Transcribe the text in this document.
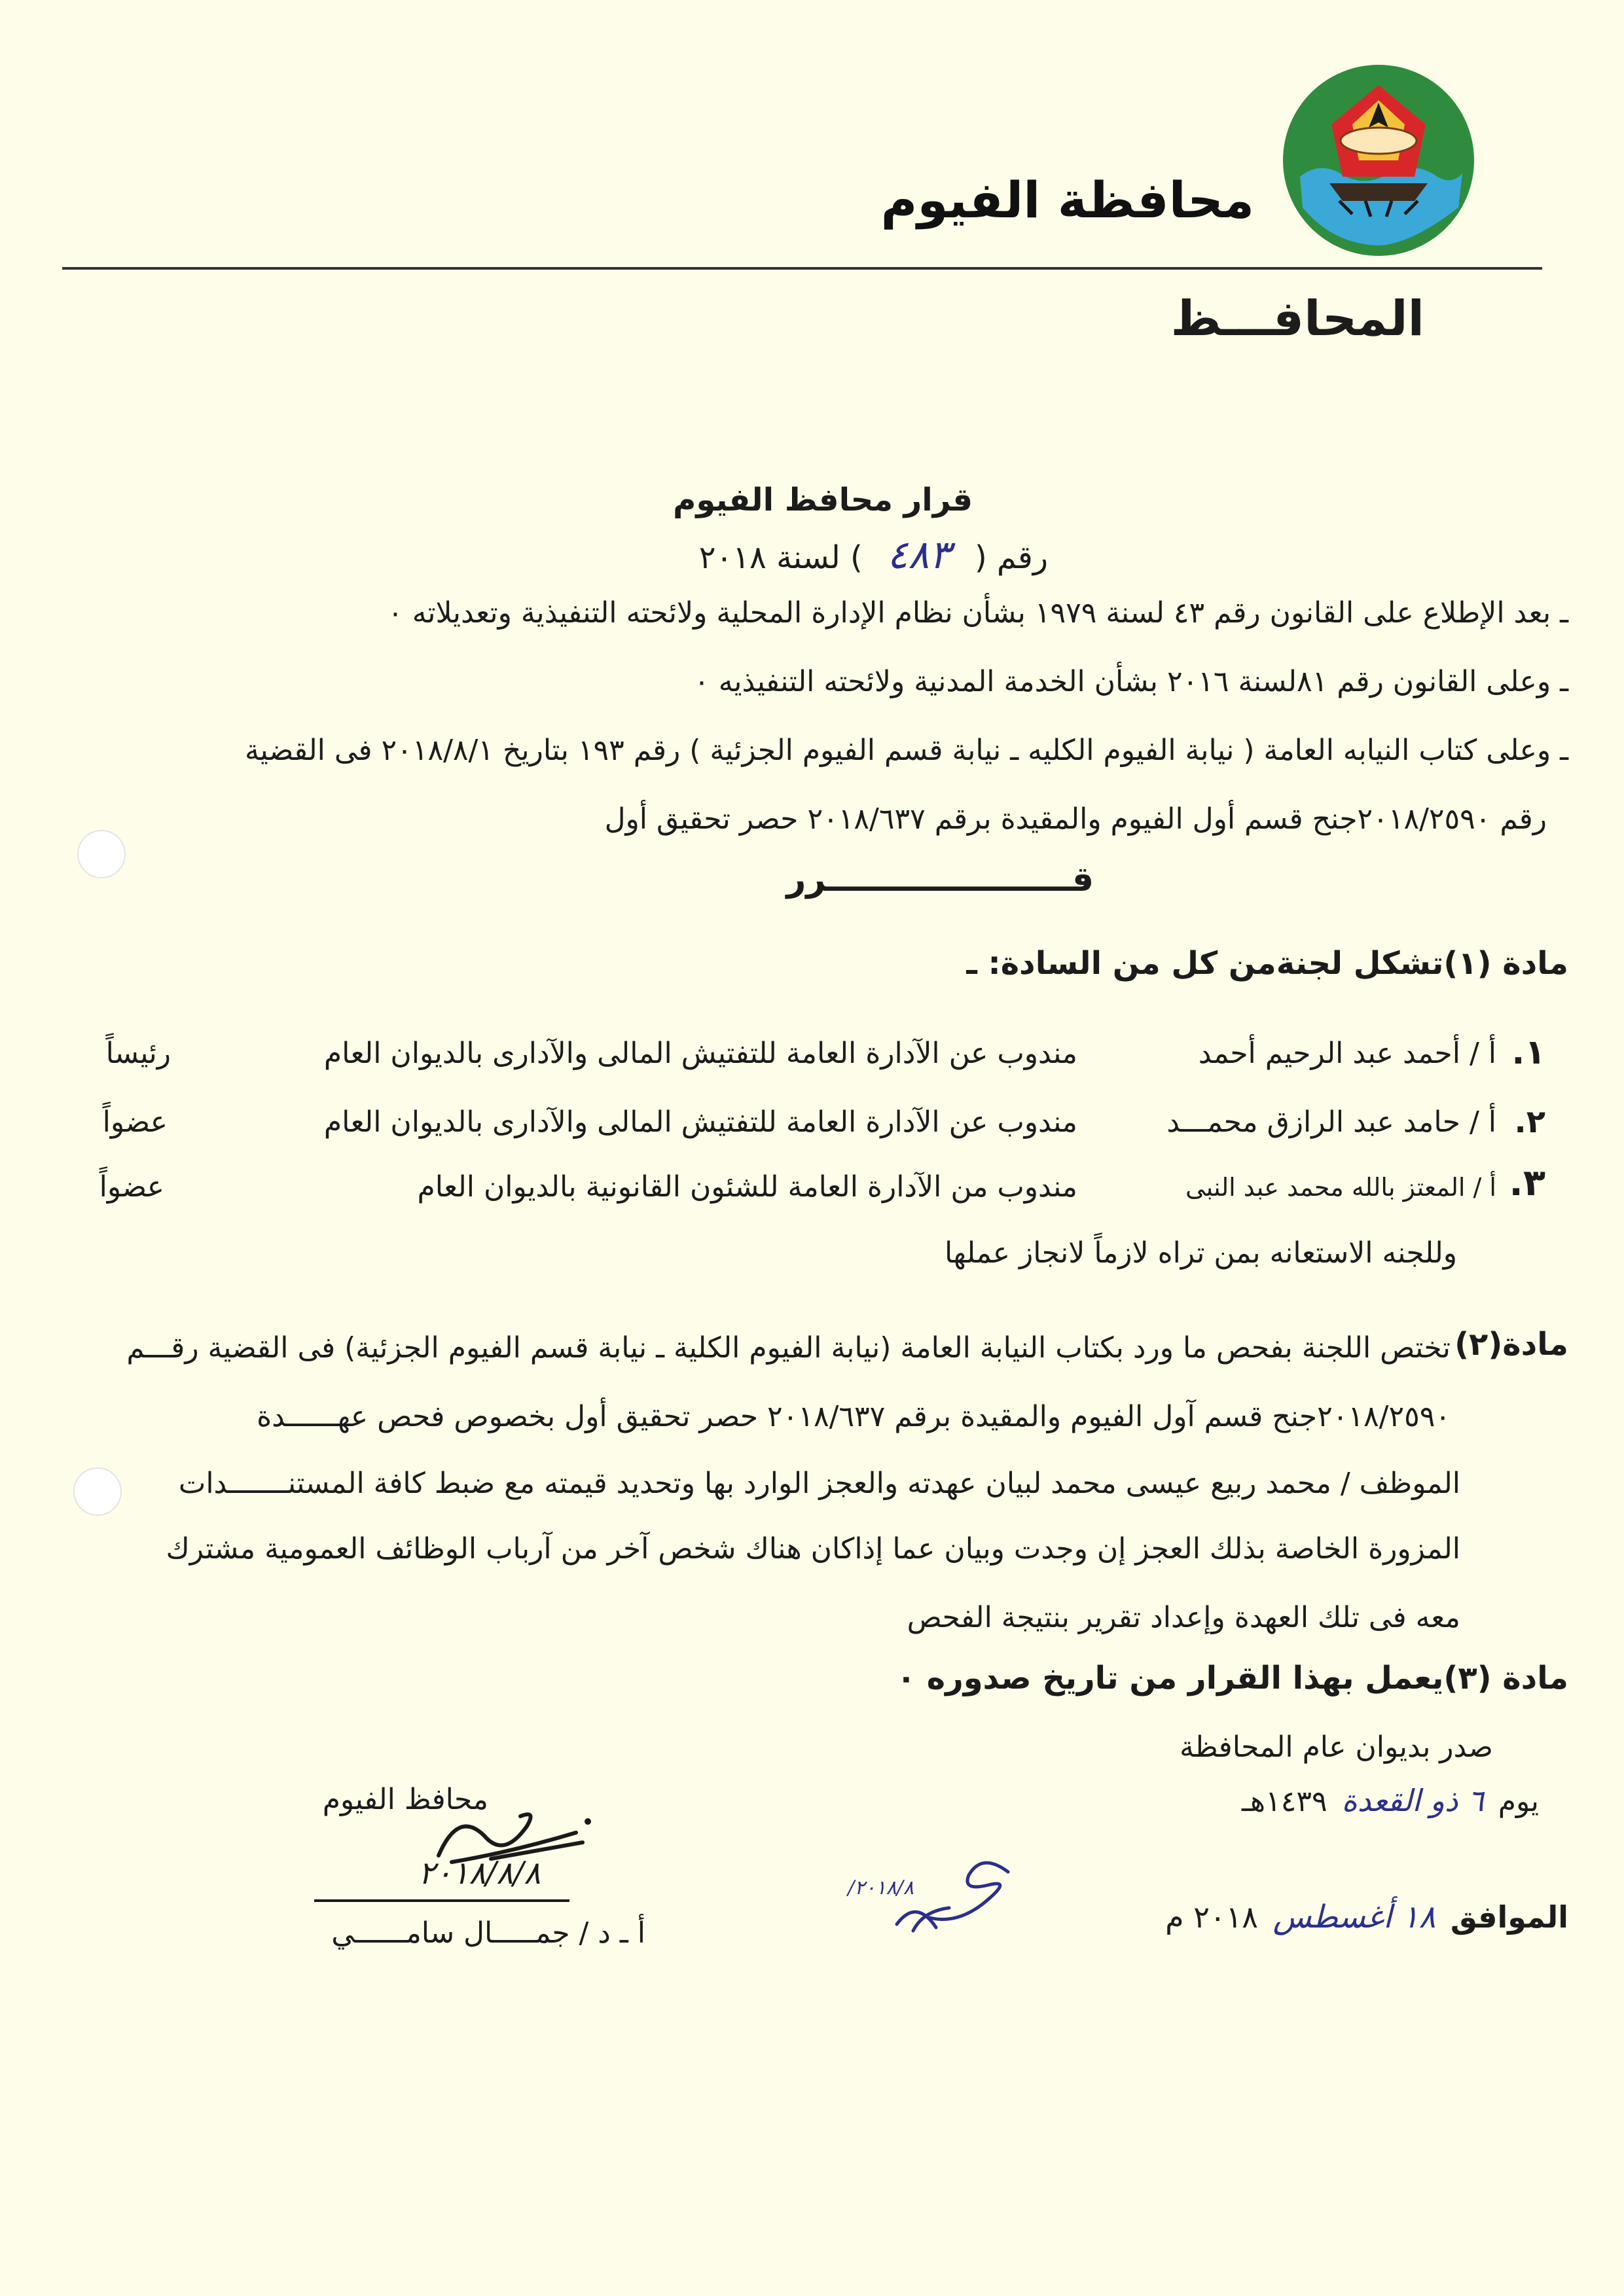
محافظة الفيوم
المحافـــظ
قرار محافظ الفيوم
رقم ( ٤٨٣ ) لسنة ٢٠١٨
ـ بعد الإطلاع على القانون رقم ٤٣ لسنة ١٩٧٩ بشأن نظام الإدارة المحلية ولائحته التنفيذية وتعديلاته ٠
ـ وعلى القانون رقم ٨١لسنة ٢٠١٦ بشأن الخدمة المدنية ولائحته التنفيذيه ٠
ـ وعلى كتاب النيابه العامة ( نيابة الفيوم الكليه ـ نيابة قسم الفيوم الجزئية ) رقم ١٩٣ بتاريخ ٢٠١٨/٨/١ فى القضية
رقم ٢٠١٨/٢٥٩٠جنح قسم أول الفيوم والمقيدة برقم ٢٠١٨/٦٣٧ حصر تحقيق أول
قـــــــــــــــــــــرر
مادة (١)تشكل لجنةمن كل من السادة: ـ
١.
أ / أحمد عبد الرحيم أحمد
مندوب عن الآدارة العامة للتفتيش المالى والآدارى بالديوان العام
رئيساً
٢.
أ / حامد عبد الرازق محمـــد
مندوب عن الآدارة العامة للتفتيش المالى والآدارى بالديوان العام
عضواً
٣.
أ / المعتز بالله محمد عبد النبى
مندوب من الآدارة العامة للشئون القانونية بالديوان العام
عضواً
وللجنه الاستعانه بمن تراه لازماً لانجاز عملها
مادة(٢)
تختص اللجنة بفحص ما ورد بكتاب النيابة العامة (نيابة الفيوم الكلية ـ نيابة قسم الفيوم الجزئية) فى القضية رقـــم
٢٠١٨/٢٥٩٠جنح قسم آول الفيوم والمقيدة برقم ٢٠١٨/٦٣٧ حصر تحقيق أول بخصوص فحص عهــــــدة
الموظف / محمد ربيع عيسى محمد لبيان عهدته والعجز الوارد بها وتحديد قيمته مع ضبط كافة المستنـــــــدات
المزورة الخاصة بذلك العجز إن وجدت وبيان عما إذاكان هناك شخص آخر من آرباب الوظائف العمومية مشترك
معه فى تلك العهدة وإعداد تقرير بنتيجة الفحص
مادة (٣)يعمل بهذا القرار من تاريخ صدوره ٠
صدر بديوان عام المحافظة
يوم ٦ ذو القعدة ١٤٣٩هـ
الموافق ١٨ أغسطس ٢٠١٨ م
٢٠١٨/٨/
محافظ الفيوم
٢٠١٨/٨/٨
أ ـ د / جمـــــال سامــــــي
